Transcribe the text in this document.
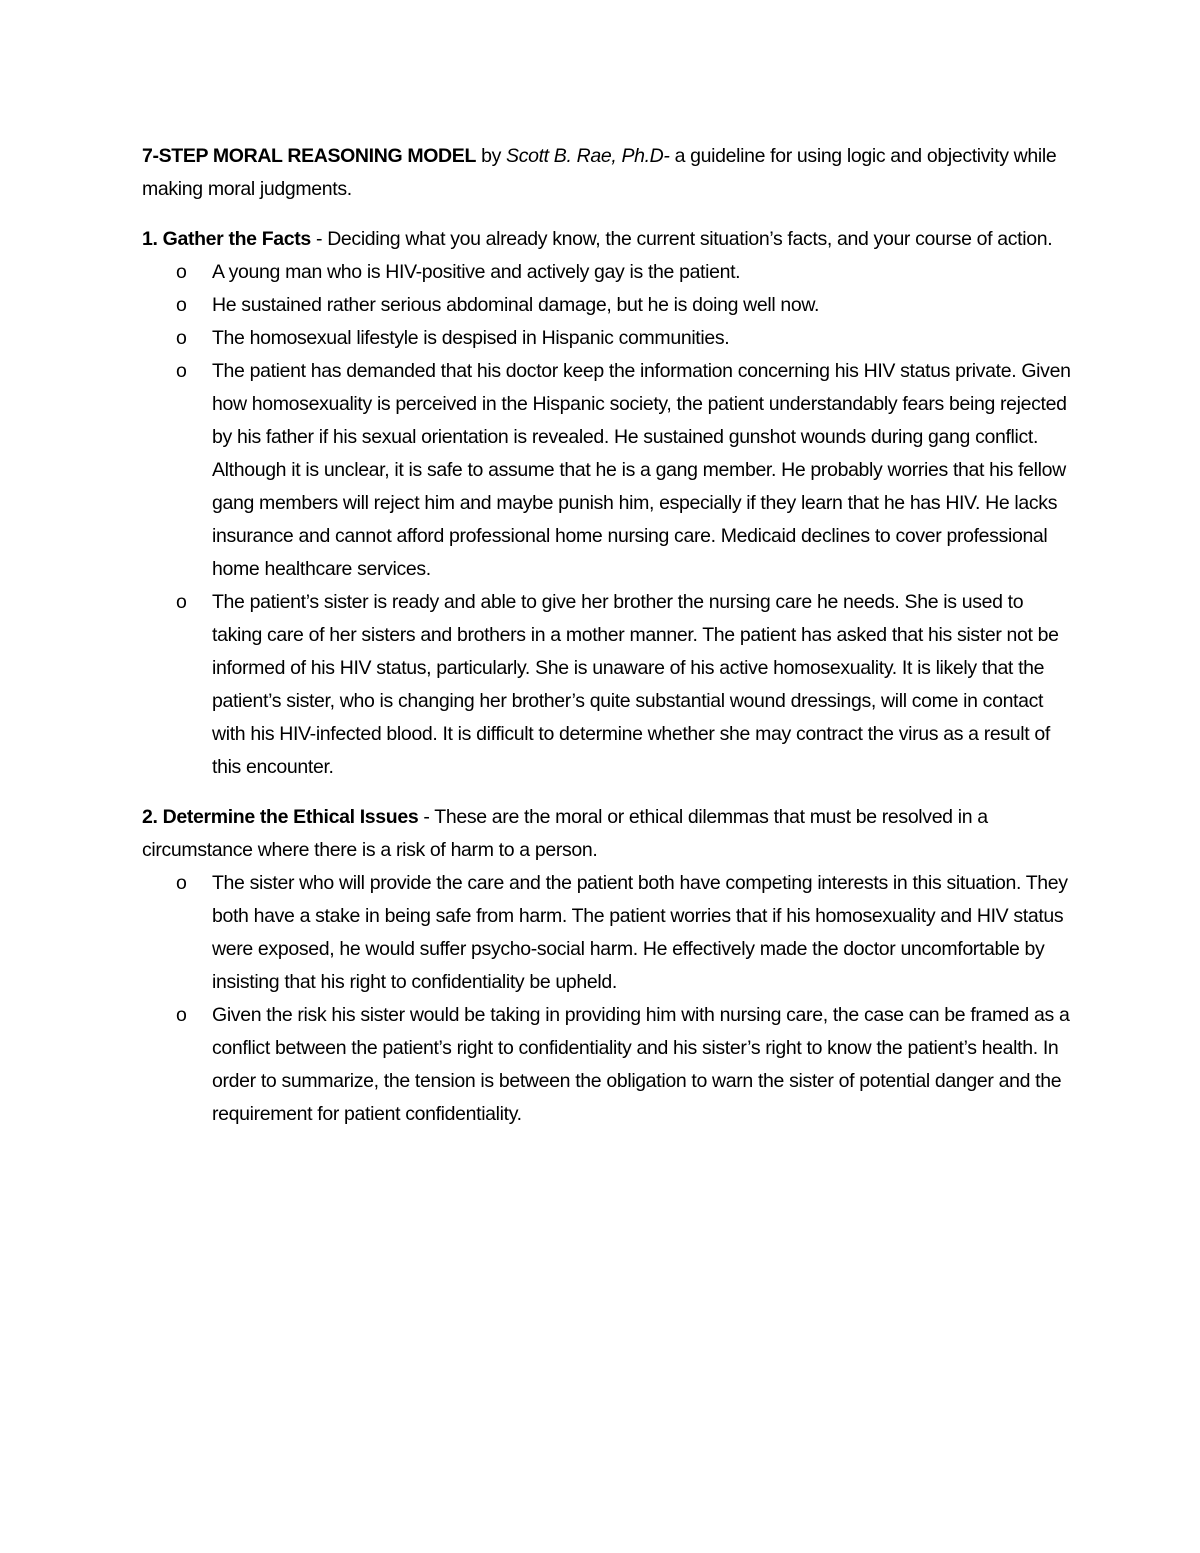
7-STEP MORAL REASONING MODEL by Scott B. Rae, Ph.D- a guideline for using logic and objectivity while making moral judgments.

1. Gather the Facts - Deciding what you already know, the current situation’s facts, and your course of action.

o A young man who is HIV-positive and actively gay is the patient.
o He sustained rather serious abdominal damage, but he is doing well now.
o The homosexual lifestyle is despised in Hispanic communities.
o The patient has demanded that his doctor keep the information concerning his HIV status private. Given how homosexuality is perceived in the Hispanic society, the patient understandably fears being rejected by his father if his sexual orientation is revealed. He sustained gunshot wounds during gang conflict. Although it is unclear, it is safe to assume that he is a gang member. He probably worries that his fellow gang members will reject him and maybe punish him, especially if they learn that he has HIV. He lacks insurance and cannot afford professional home nursing care. Medicaid declines to cover professional home healthcare services.
o The patient’s sister is ready and able to give her brother the nursing care he needs. She is used to taking care of her sisters and brothers in a mother manner. The patient has asked that his sister not be informed of his HIV status, particularly. She is unaware of his active homosexuality. It is likely that the patient’s sister, who is changing her brother’s quite substantial wound dressings, will come in contact with his HIV-infected blood. It is difficult to determine whether she may contract the virus as a result of this encounter.

2. Determine the Ethical Issues - These are the moral or ethical dilemmas that must be resolved in a circumstance where there is a risk of harm to a person.

o The sister who will provide the care and the patient both have competing interests in this situation. They both have a stake in being safe from harm. The patient worries that if his homosexuality and HIV status were exposed, he would suffer psycho-social harm. He effectively made the doctor uncomfortable by insisting that his right to confidentiality be upheld.
o Given the risk his sister would be taking in providing him with nursing care, the case can be framed as a conflict between the patient’s right to confidentiality and his sister’s right to know the patient’s health. In order to summarize, the tension is between the obligation to warn the sister of potential danger and the requirement for patient confidentiality.
